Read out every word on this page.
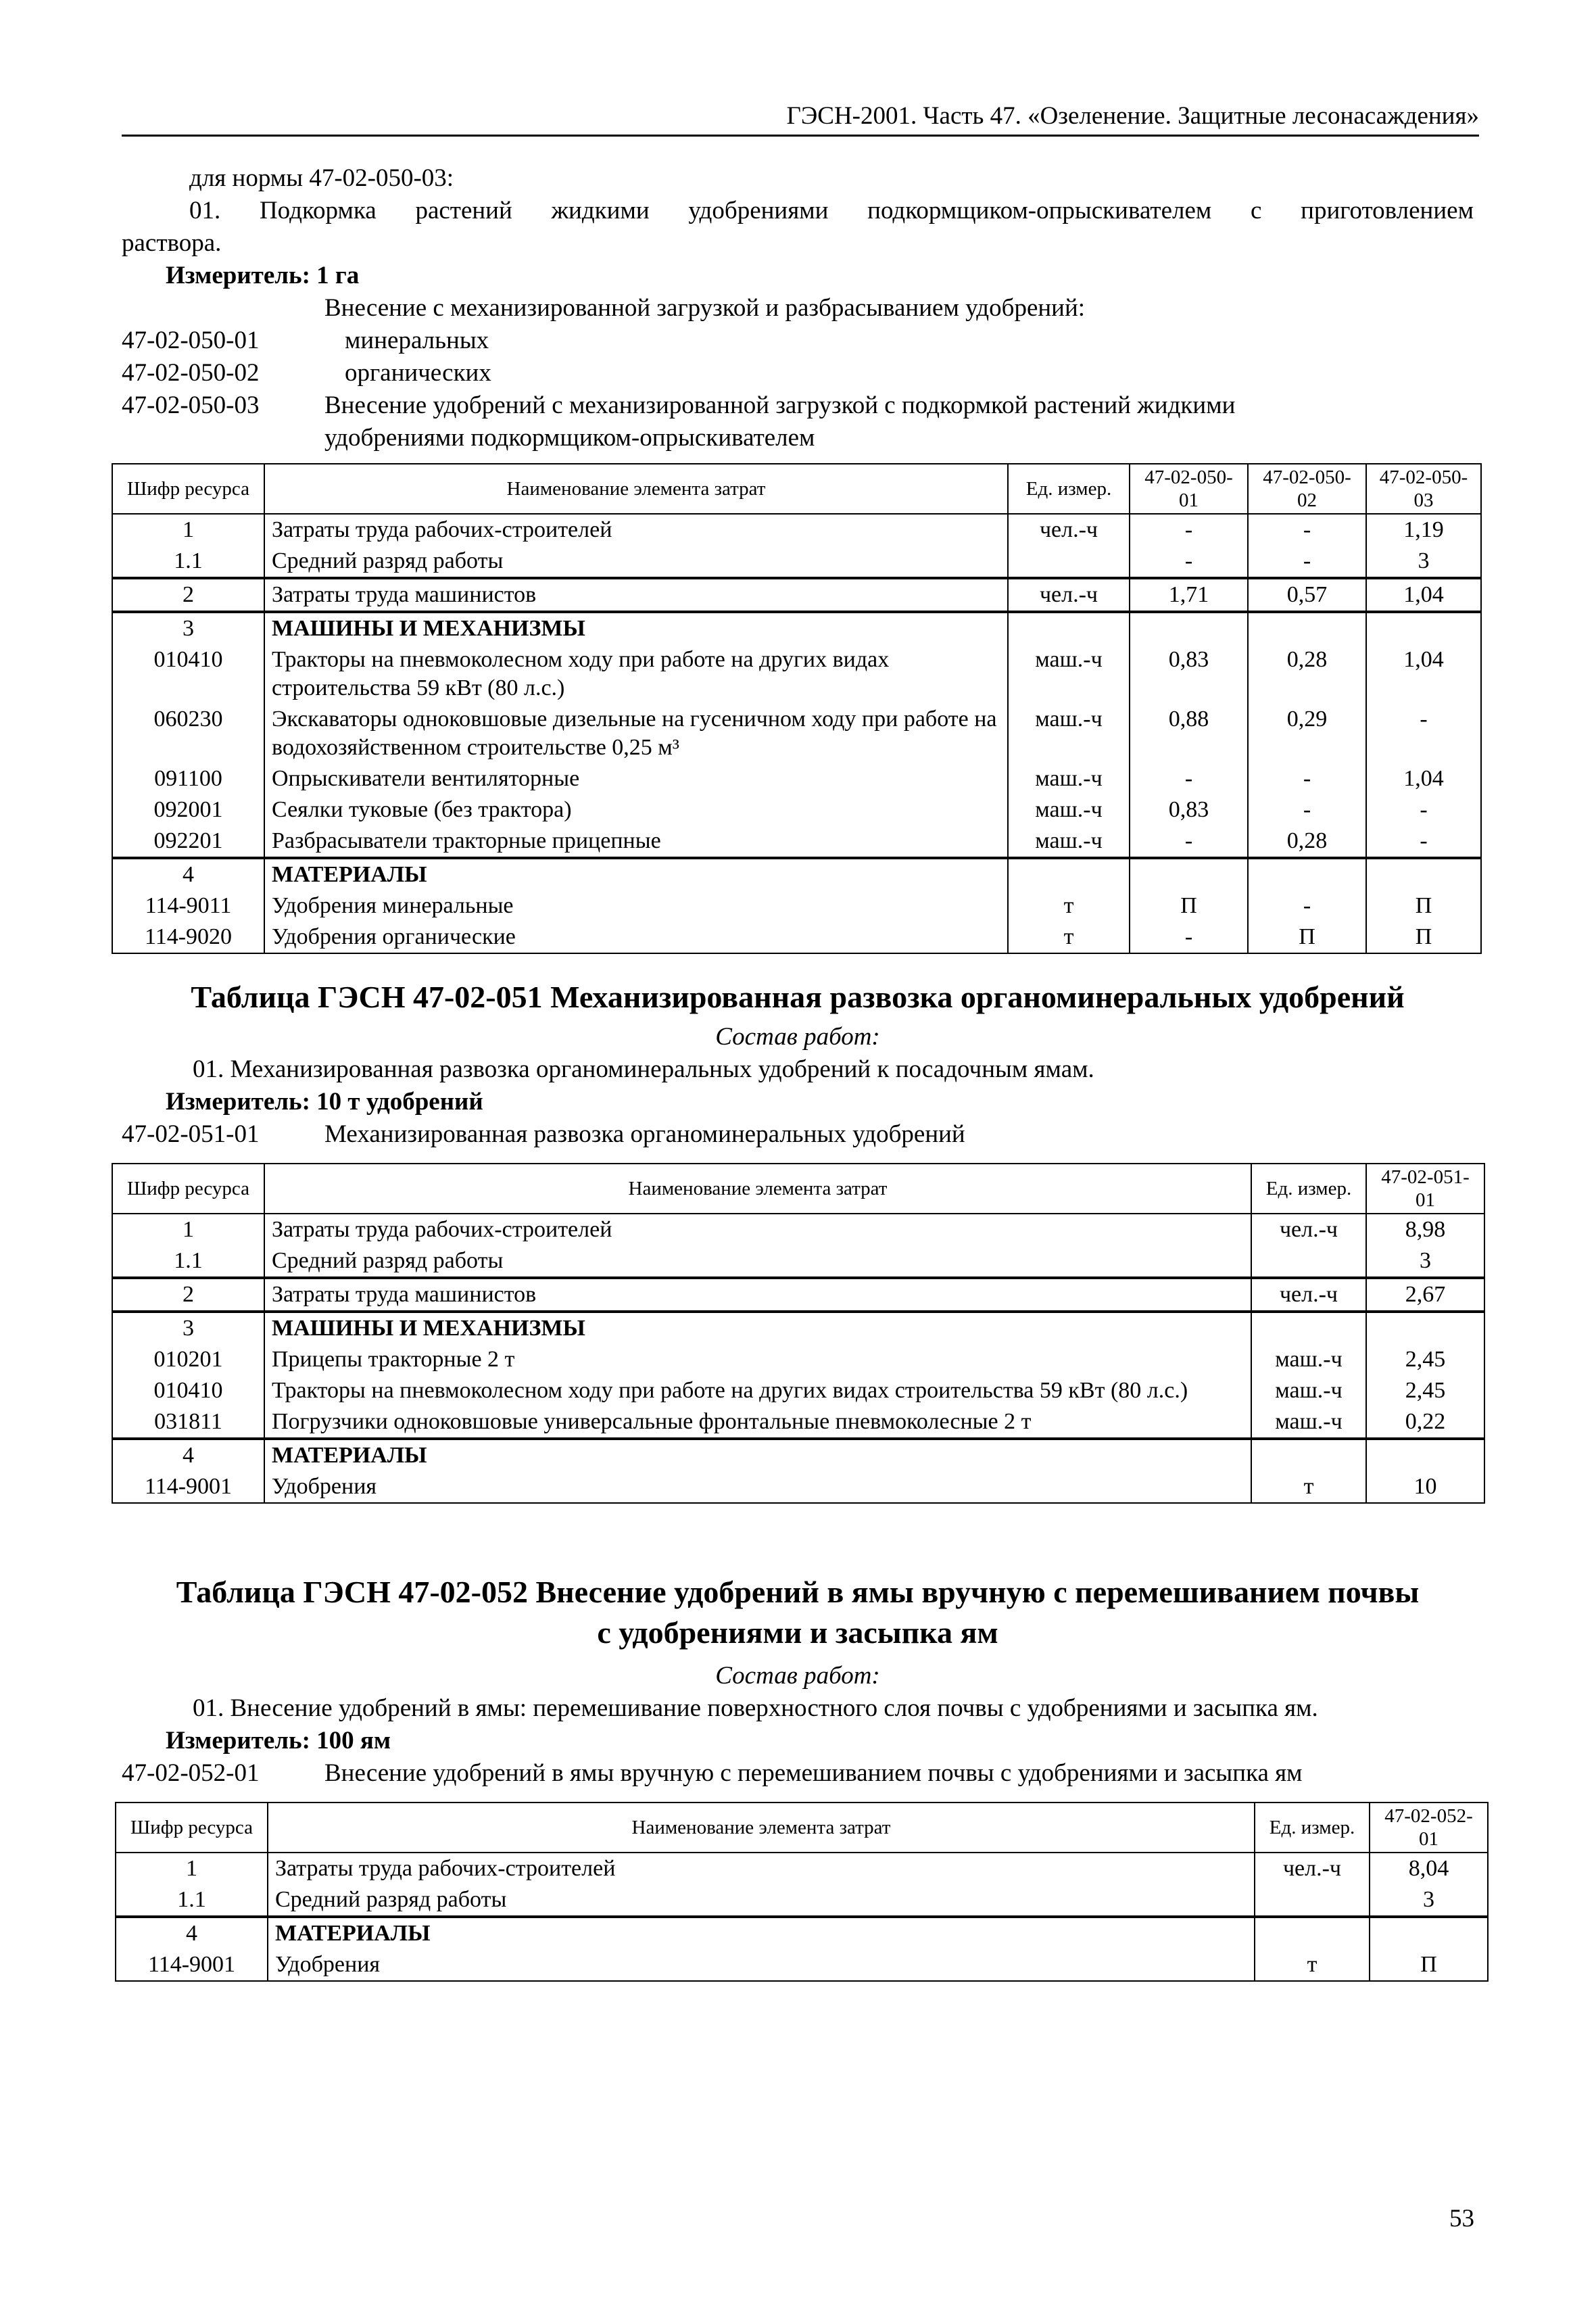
ГЭСН-2001. Часть 47. «Озеленение. Защитные лесонасаждения»
для нормы 47-02-050-03:
01. Подкормка растений жидкими удобрениями подкормщиком-опрыскивателем с приготовлением
раствора.
Измеритель: 1 га
Внесение с механизированной загрузкой и разбрасыванием удобрений:
47-02-050-01	минеральных
47-02-050-02	органических
47-02-050-03	Внесение удобрений с механизированной загрузкой с подкормкой растений жидкими
удобрениями подкормщиком-опрыскивателем
Шифр ресурса	Наименование элемента затрат	Ед. измер.	47-02-050-01	47-02-050-02	47-02-050-03
1	Затраты труда рабочих-строителей	чел.-ч	-	-	1,19
1.1	Средний разряд работы		-	-	3
2	Затраты труда машинистов	чел.-ч	1,71	0,57	1,04
3	МАШИНЫ И МЕХАНИЗМЫ				
010410	Тракторы на пневмоколесном ходу при работе на других видах строительства 59 кВт (80 л.с.)	маш.-ч	0,83	0,28	1,04
060230	Экскаваторы одноковшовые дизельные на гусеничном ходу при работе на водохозяйственном строительстве 0,25 м³	маш.-ч	0,88	0,29	-
091100	Опрыскиватели вентиляторные	маш.-ч	-	-	1,04
092001	Сеялки туковые (без трактора)	маш.-ч	0,83	-	-
092201	Разбрасыватели тракторные прицепные	маш.-ч	-	0,28	-
4	МАТЕРИАЛЫ				
114-9011	Удобрения минеральные	т	П	-	П
114-9020	Удобрения органические	т	-	П	П
Таблица ГЭСН 47-02-051 Механизированная развозка органоминеральных удобрений
Состав работ:
01. Механизированная развозка органоминеральных удобрений к посадочным ямам.
Измеритель: 10 т удобрений
47-02-051-01	Механизированная развозка органоминеральных удобрений
Шифр ресурса	Наименование элемента затрат	Ед. измер.	47-02-051-01
1	Затраты труда рабочих-строителей	чел.-ч	8,98
1.1	Средний разряд работы		3
2	Затраты труда машинистов	чел.-ч	2,67
3	МАШИНЫ И МЕХАНИЗМЫ		
010201	Прицепы тракторные 2 т	маш.-ч	2,45
010410	Тракторы на пневмоколесном ходу при работе на других видах строительства 59 кВт (80 л.с.)	маш.-ч	2,45
031811	Погрузчики одноковшовые универсальные фронтальные пневмоколесные 2 т	маш.-ч	0,22
4	МАТЕРИАЛЫ		
114-9001	Удобрения	т	10
Таблица ГЭСН 47-02-052 Внесение удобрений в ямы вручную с перемешиванием почвы
с удобрениями и засыпка ям
Состав работ:
01. Внесение удобрений в ямы: перемешивание поверхностного слоя почвы с удобрениями и засыпка ям.
Измеритель: 100 ям
47-02-052-01	Внесение удобрений в ямы вручную с перемешиванием почвы с удобрениями и засыпка ям
Шифр ресурса	Наименование элемента затрат	Ед. измер.	47-02-052-01
1	Затраты труда рабочих-строителей	чел.-ч	8,04
1.1	Средний разряд работы		3
4	МАТЕРИАЛЫ		
114-9001	Удобрения	т	П
53
